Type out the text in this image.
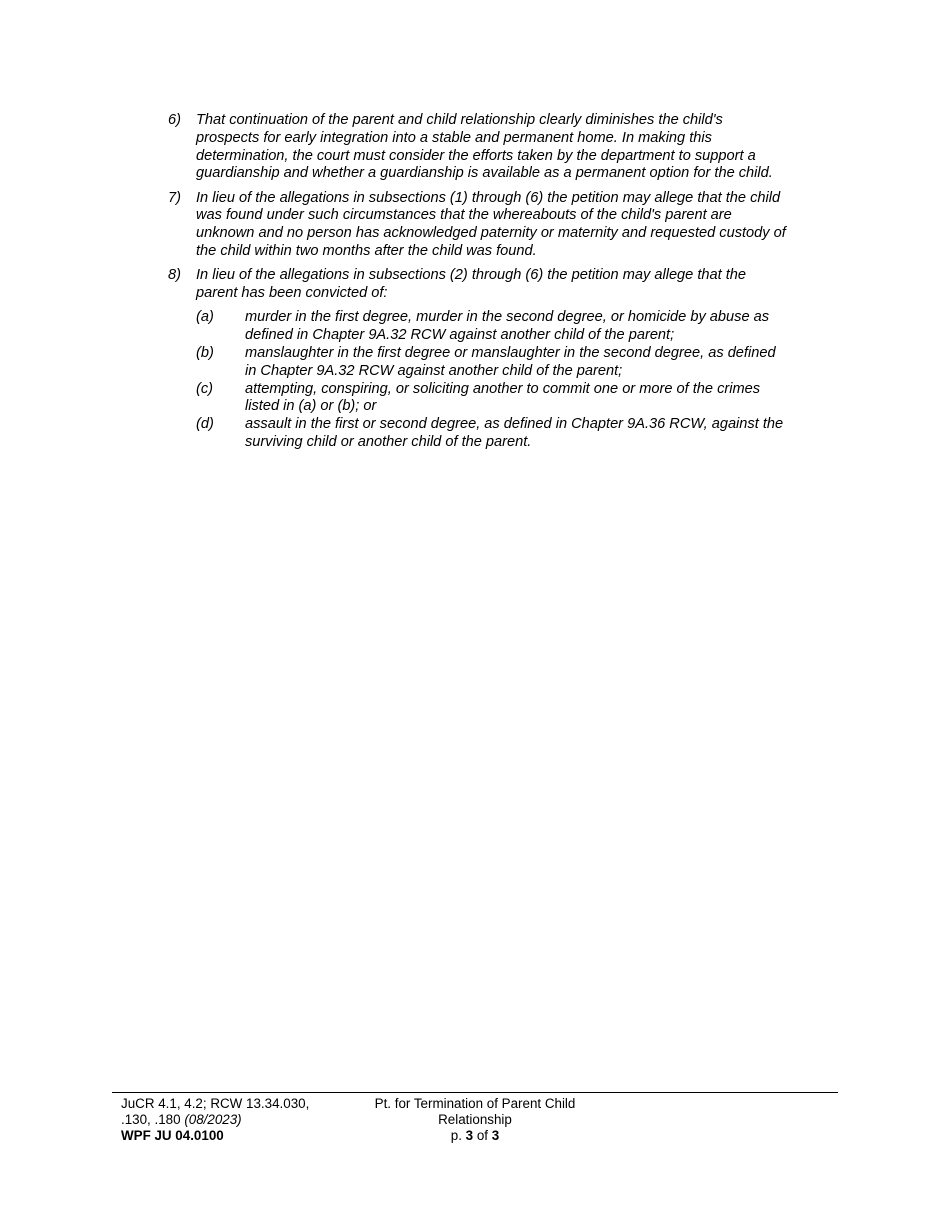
6) That continuation of the parent and child relationship clearly diminishes the child's prospects for early integration into a stable and permanent home. In making this determination, the court must consider the efforts taken by the department to support a guardianship and whether a guardianship is available as a permanent option for the child.
7) In lieu of the allegations in subsections (1) through (6) the petition may allege that the child was found under such circumstances that the whereabouts of the child's parent are unknown and no person has acknowledged paternity or maternity and requested custody of the child within two months after the child was found.
8) In lieu of the allegations in subsections (2) through (6) the petition may allege that the parent has been convicted of:
(a) murder in the first degree, murder in the second degree, or homicide by abuse as defined in Chapter 9A.32 RCW against another child of the parent;
(b) manslaughter in the first degree or manslaughter in the second degree, as defined in Chapter 9A.32 RCW against another child of the parent;
(c) attempting, conspiring, or soliciting another to commit one or more of the crimes listed in (a) or (b); or
(d) assault in the first or second degree, as defined in Chapter 9A.36 RCW, against the surviving child or another child of the parent.
JuCR 4.1, 4.2; RCW 13.34.030,
.130, .180 (08/2023)
WPF JU 04.0100
Pt. for Termination of Parent Child
Relationship
p. 3 of 3
